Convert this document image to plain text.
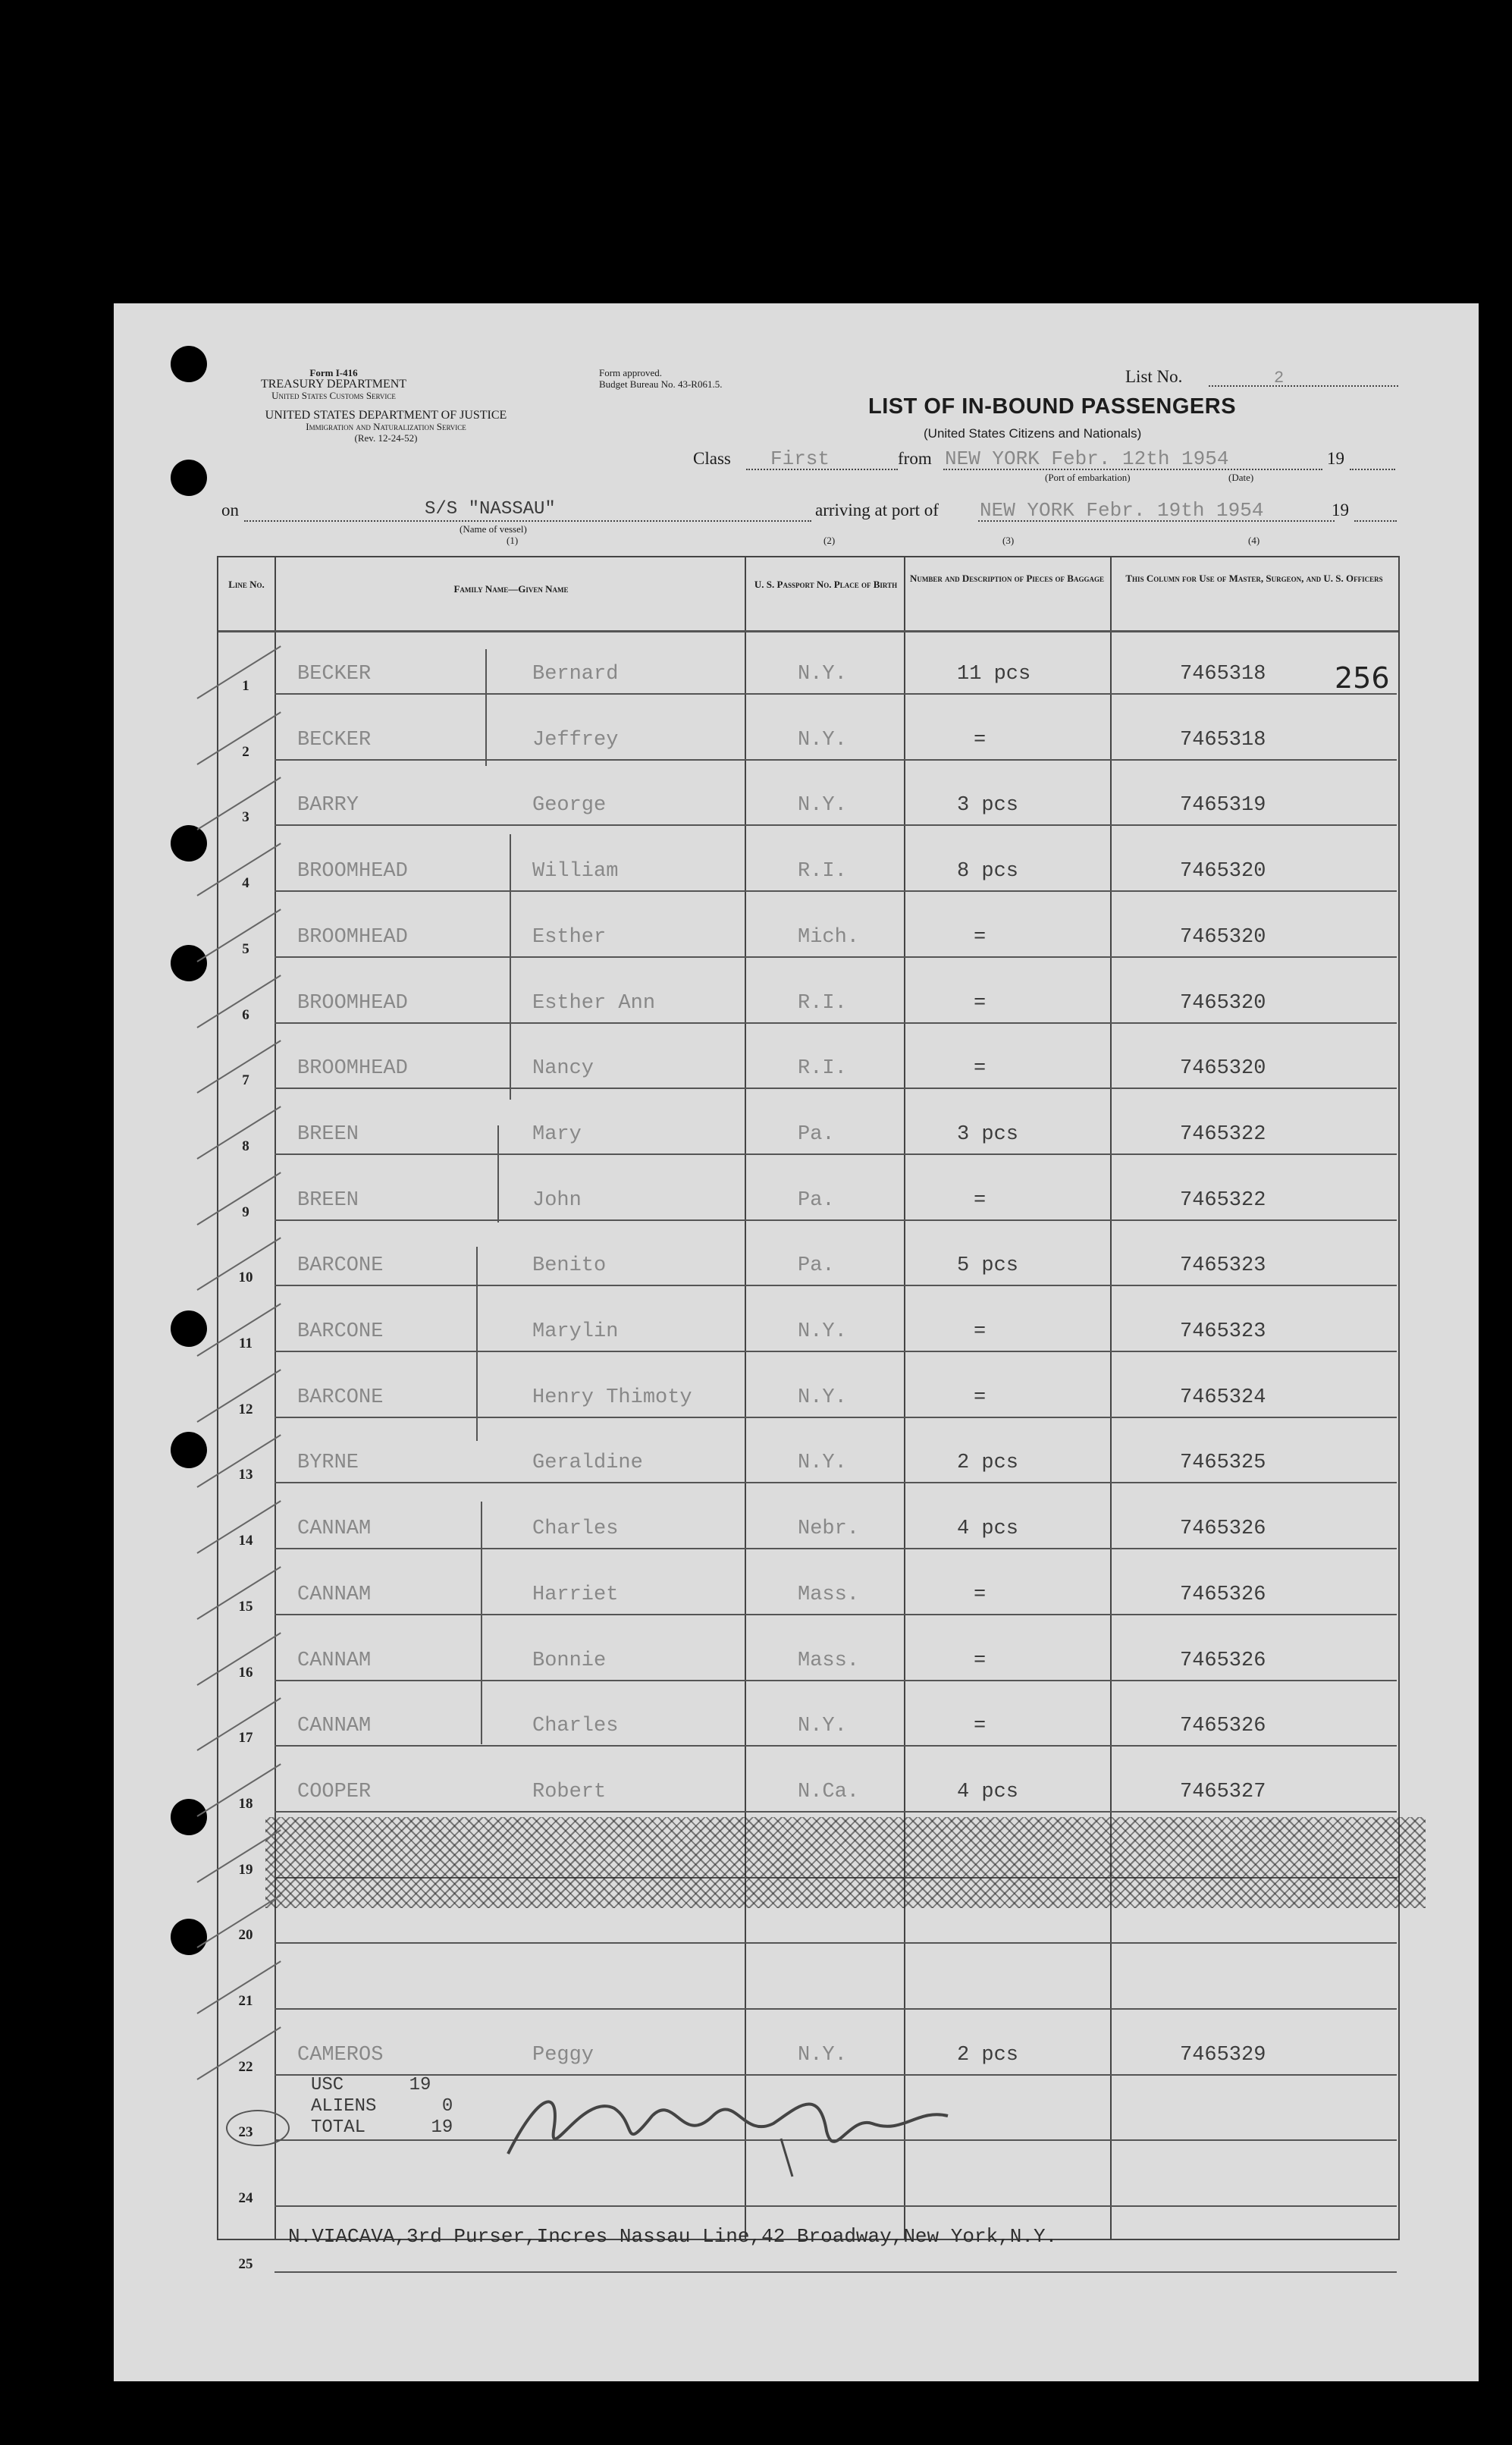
Form I-416
TREASURY DEPARTMENT
United States Customs Service
UNITED STATES DEPARTMENT OF JUSTICE
Immigration and Naturalization Service
(Rev. 12-24-52)
Form approved.
Budget Bureau No. 43-R061.5.	List No.	2
LIST OF IN-BOUND PASSENGERS
(United States Citizens and Nationals)
Class First	from NEW YORK Febr. 12th 1954	19
(Port of embarkation)	(Date)
on	S/S "NASSAU"
(Name of vessel)
(1)
arriving at port of NEW YORK Febr. 19th 1954	19
(2)	(3)	(4)
Line No.	Family Name—Given Name	U. S. Passport No. Place of Birth
Number and Description of Pieces of Baggage	This Column for Use of Master, Surgeon, and U. S. Officers
1
BECKER	Bernard	N.Y.	11 pcs	7465318
2
BECKER	Jeffrey	N.Y.	=	7465318
3
BARRY	George	N.Y.	3 pcs	7465319
4
BROOMHEAD	William	R.I.	8 pcs	7465320
5
BROOMHEAD	Esther	Mich.	=	7465320
6
BROOMHEAD	Esther Ann	R.I.	=	7465320
7
BROOMHEAD	Nancy	R.I.	=	7465320
8
BREEN	Mary	Pa.	3 pcs	7465322
9
BREEN	John	Pa.	=	7465322
10
BARCONE	Benito	Pa.	5 pcs	7465323
11
BARCONE	Marylin	N.Y.	=	7465323
12
BARCONE	Henry Thimoty	N.Y.	=	7465324
13
BYRNE	Geraldine	N.Y.	2 pcs	7465325
14
CANNAM	Charles	Nebr.	4 pcs	7465326
15
CANNAM	Harriet	Mass.	=	7465326
16
CANNAM	Bonnie	Mass.	=	7465326
17
CANNAM	Charles	N.Y.	=	7465326
18
COOPER	Robert	N.Ca.	4 pcs	7465327
19
20
21
22
CAMEROS	Peggy	N.Y.	2 pcs	7465329
23
24
25
256
USC	19
ALIENS	0
TOTAL	19
N.VIACAVA,3rd Purser,Incres Nassau Line,42 Broadway,New York,N.Y.
